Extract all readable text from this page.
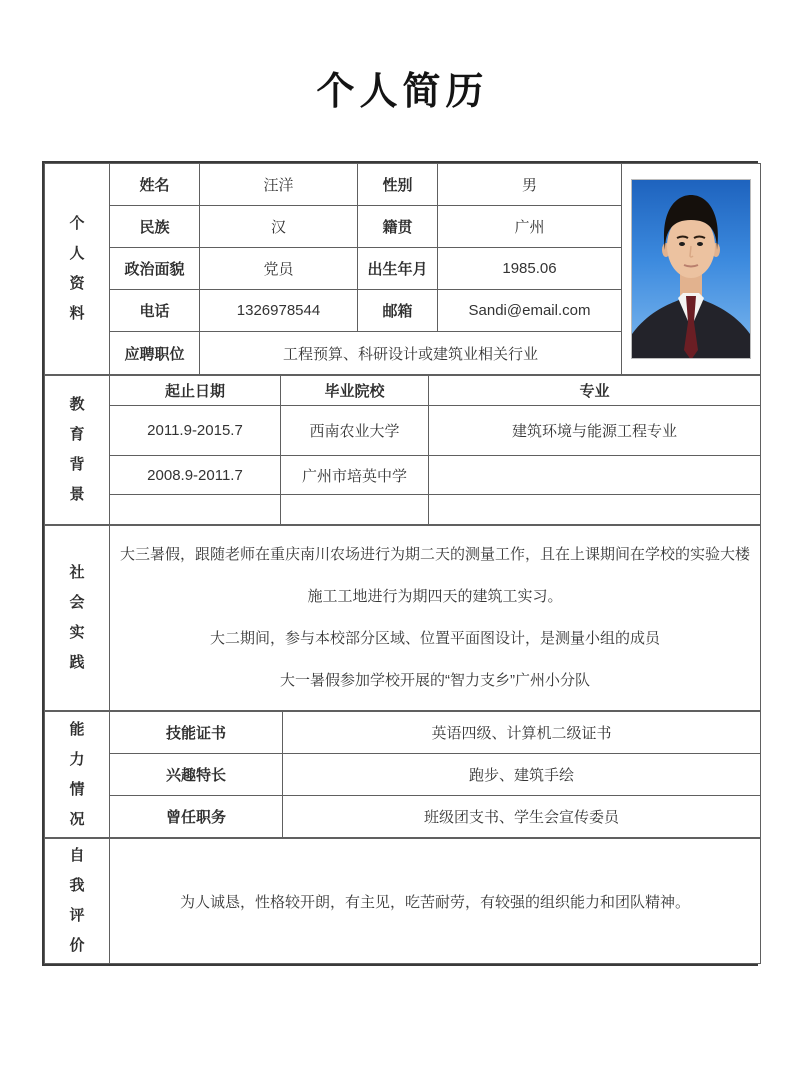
个人简历
个人资料	姓名	汪洋	性别	男	

	民族	汉	籍贯	广州	
	政治面貌	党员	出生年月	1985.06	
	电话	1326978544	邮箱	Sandi@email.com	
	应聘职位	工程预算、科研设计或建筑业相关行业			
教育背景	起止日期	毕业院校	专业
	2011.9-2015.7	西南农业大学	建筑环境与能源工程专业
	2008.9-2011.7	广州市培英中学	

社会实践

大三暑假，跟随老师在重庆南川农场进行为期二天的测量工作，且在上课期间在学校的实验大楼施工工地进行为期四天的建筑工实习。

大二期间，参与本校部分区域、位置平面图设计，是测量小组的成员

大一暑假参加学校开展的“智力支乡”广州小分队

能力情况	技能证书	英语四级、计算机二级证书
	兴趣特长	跑步、建筑手绘
	曾任职务	班级团支书、学生会宣传委员
自我评价
	为人诚恳，性格较开朗，有主见，吃苦耐劳，有较强的组织能力和团队精神。
